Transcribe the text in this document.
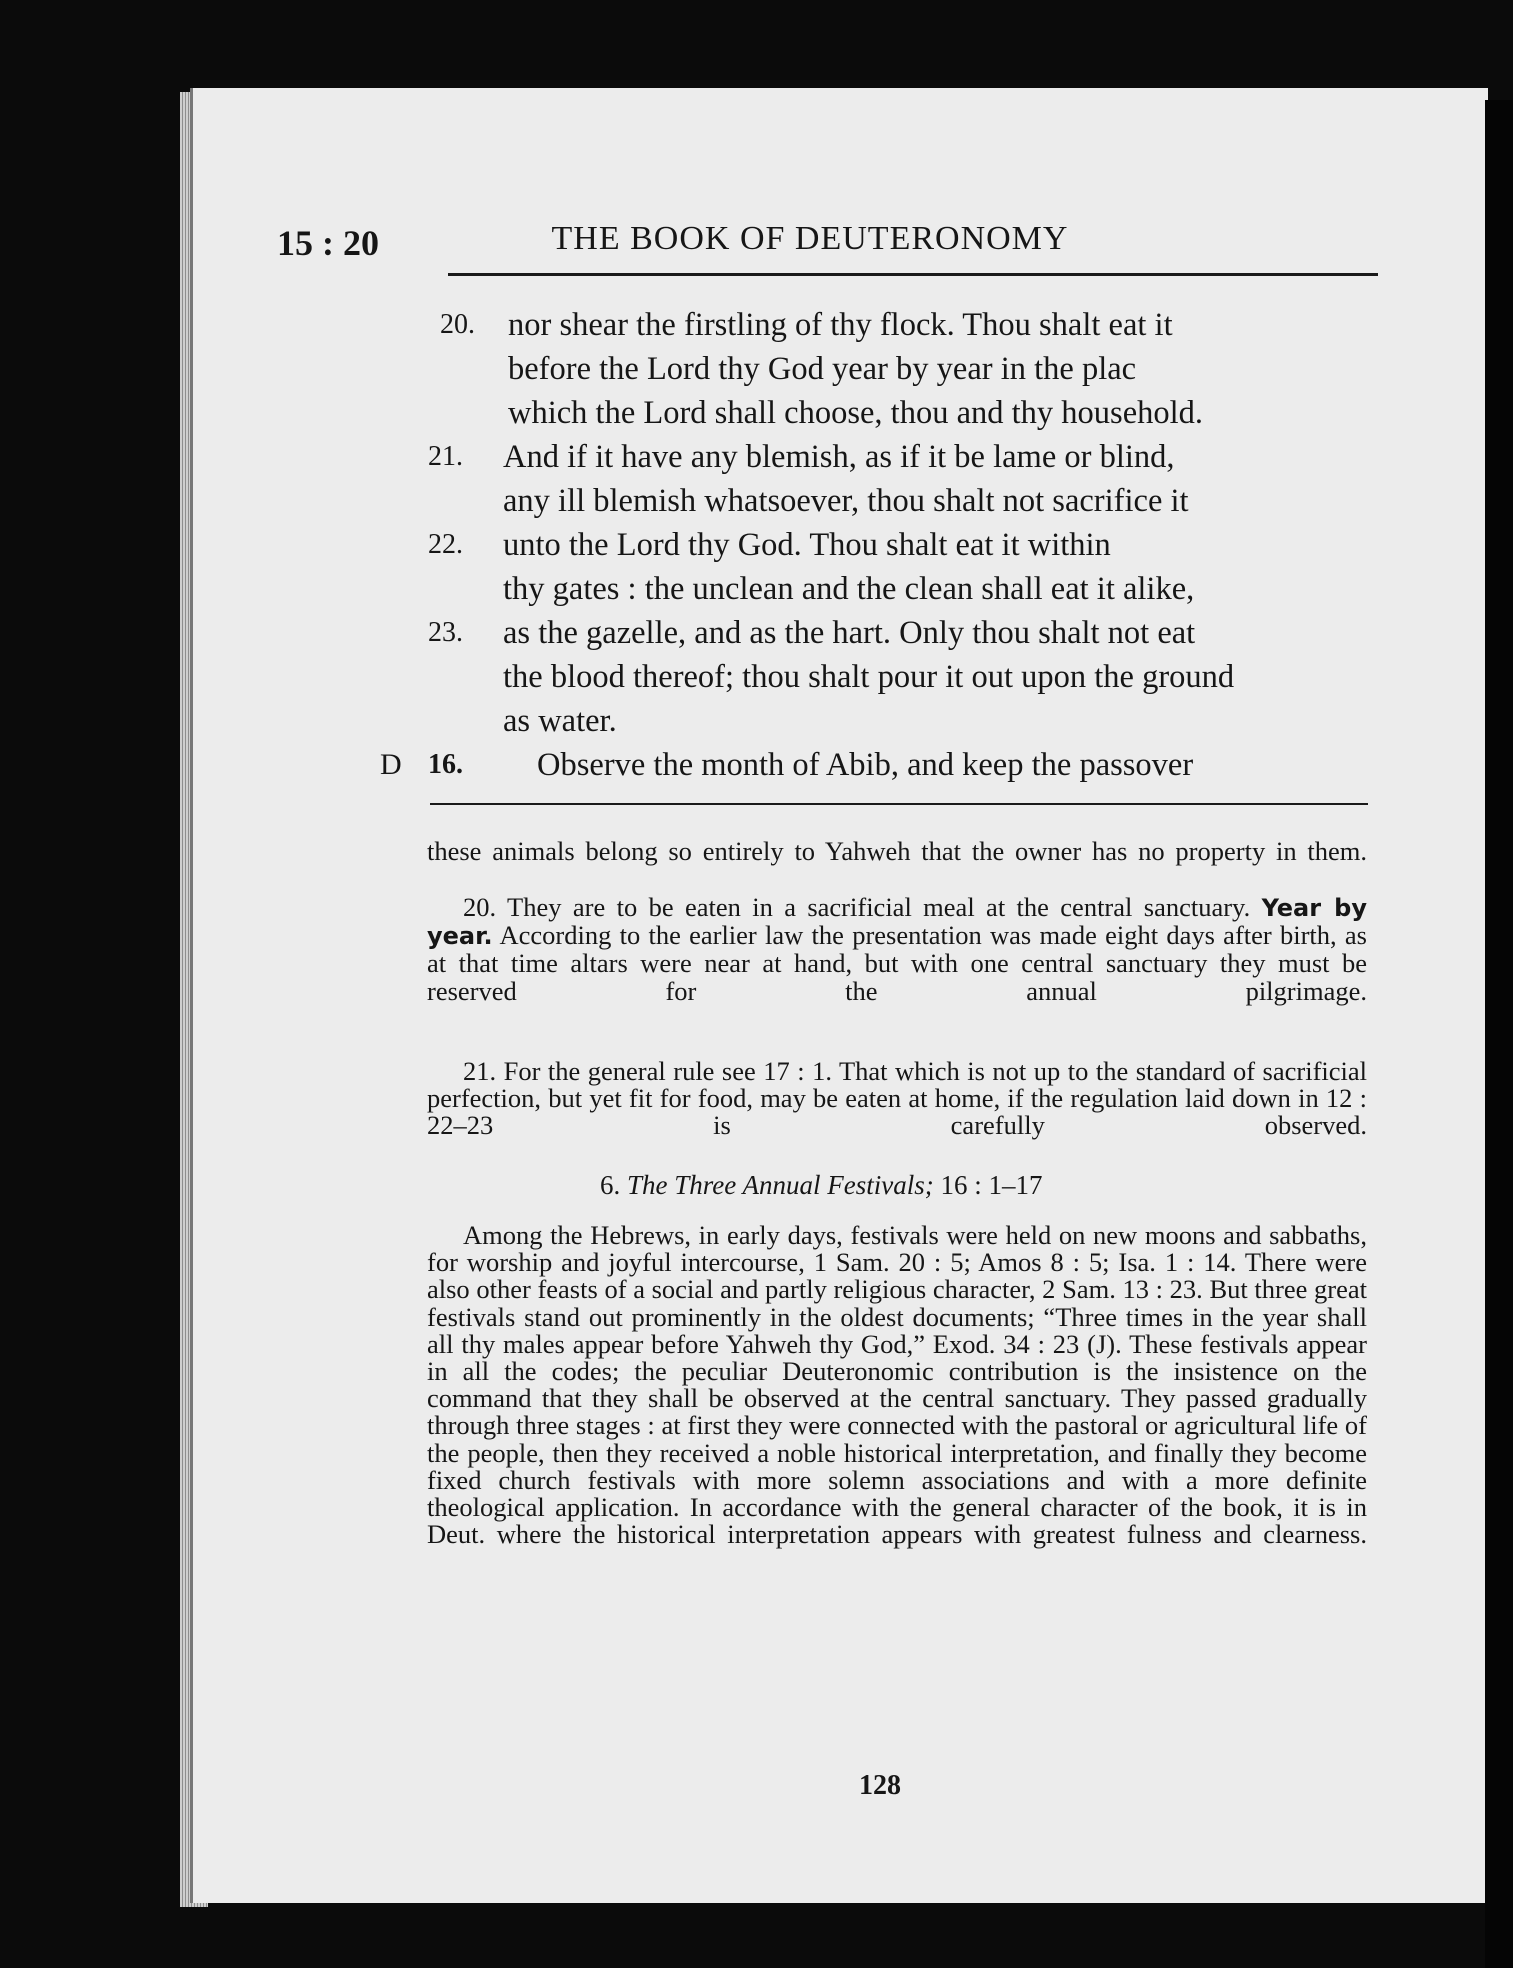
15 : 20	THE BOOK OF DEUTERONOMY
20. nor shear the firstling of thy flock. Thou shalt eat it
before the Lord thy God year by year in the plac
which the Lord shall choose, thou and thy household.
21. And if it have any blemish, as if it be lame or blind,
any ill blemish whatsoever, thou shalt not sacrifice it
22. unto the Lord thy God. Thou shalt eat it within
thy gates : the unclean and the clean shall eat it alike,
23. as the gazelle, and as the hart. Only thou shalt not eat
the blood thereof; thou shalt pour it out upon the ground
as water.
D 16. Observe the month of Abib, and keep the passover

these animals belong so entirely to Yahweh that the owner has no property in them.

20. They are to be eaten in a sacrificial meal at the central sanctuary. Year by year. According to the earlier law the presentation was made eight days after birth, as at that time altars were near at hand, but with one central sanctuary they must be reserved for the annual pilgrimage.
21. For the general rule see 17 : 1. That which is not up to the standard of sacrificial perfection, but yet fit for food, may be eaten at home, if the regulation laid down in 12 : 22–23 is carefully observed.
6. The Three Annual Festivals; 16 : 1–17

Among the Hebrews, in early days, festivals were held on new moons and sabbaths, for worship and joyful intercourse, 1 Sam. 20 : 5; Amos 8 : 5; Isa. 1 : 14. There were also other feasts of a social and partly religious character, 2 Sam. 13 : 23. But three great festivals stand out prominently in the oldest documents; “Three times in the year shall all thy males appear before Yahweh thy God,” Exod. 34 : 23 (J). These festivals appear in all the codes; the peculiar Deuteronomic contribution is the insistence on the command that they shall be observed at the central sanctuary. They passed gradually through three stages : at first they were connected with the pastoral or agricultural life of the people, then they received a noble historical interpretation, and finally they become fixed church festivals with more solemn associations and with a more definite theological application. In accordance with the general character of the book, it is in Deut. where the historical interpretation appears with greatest fulness and clearness.

128
